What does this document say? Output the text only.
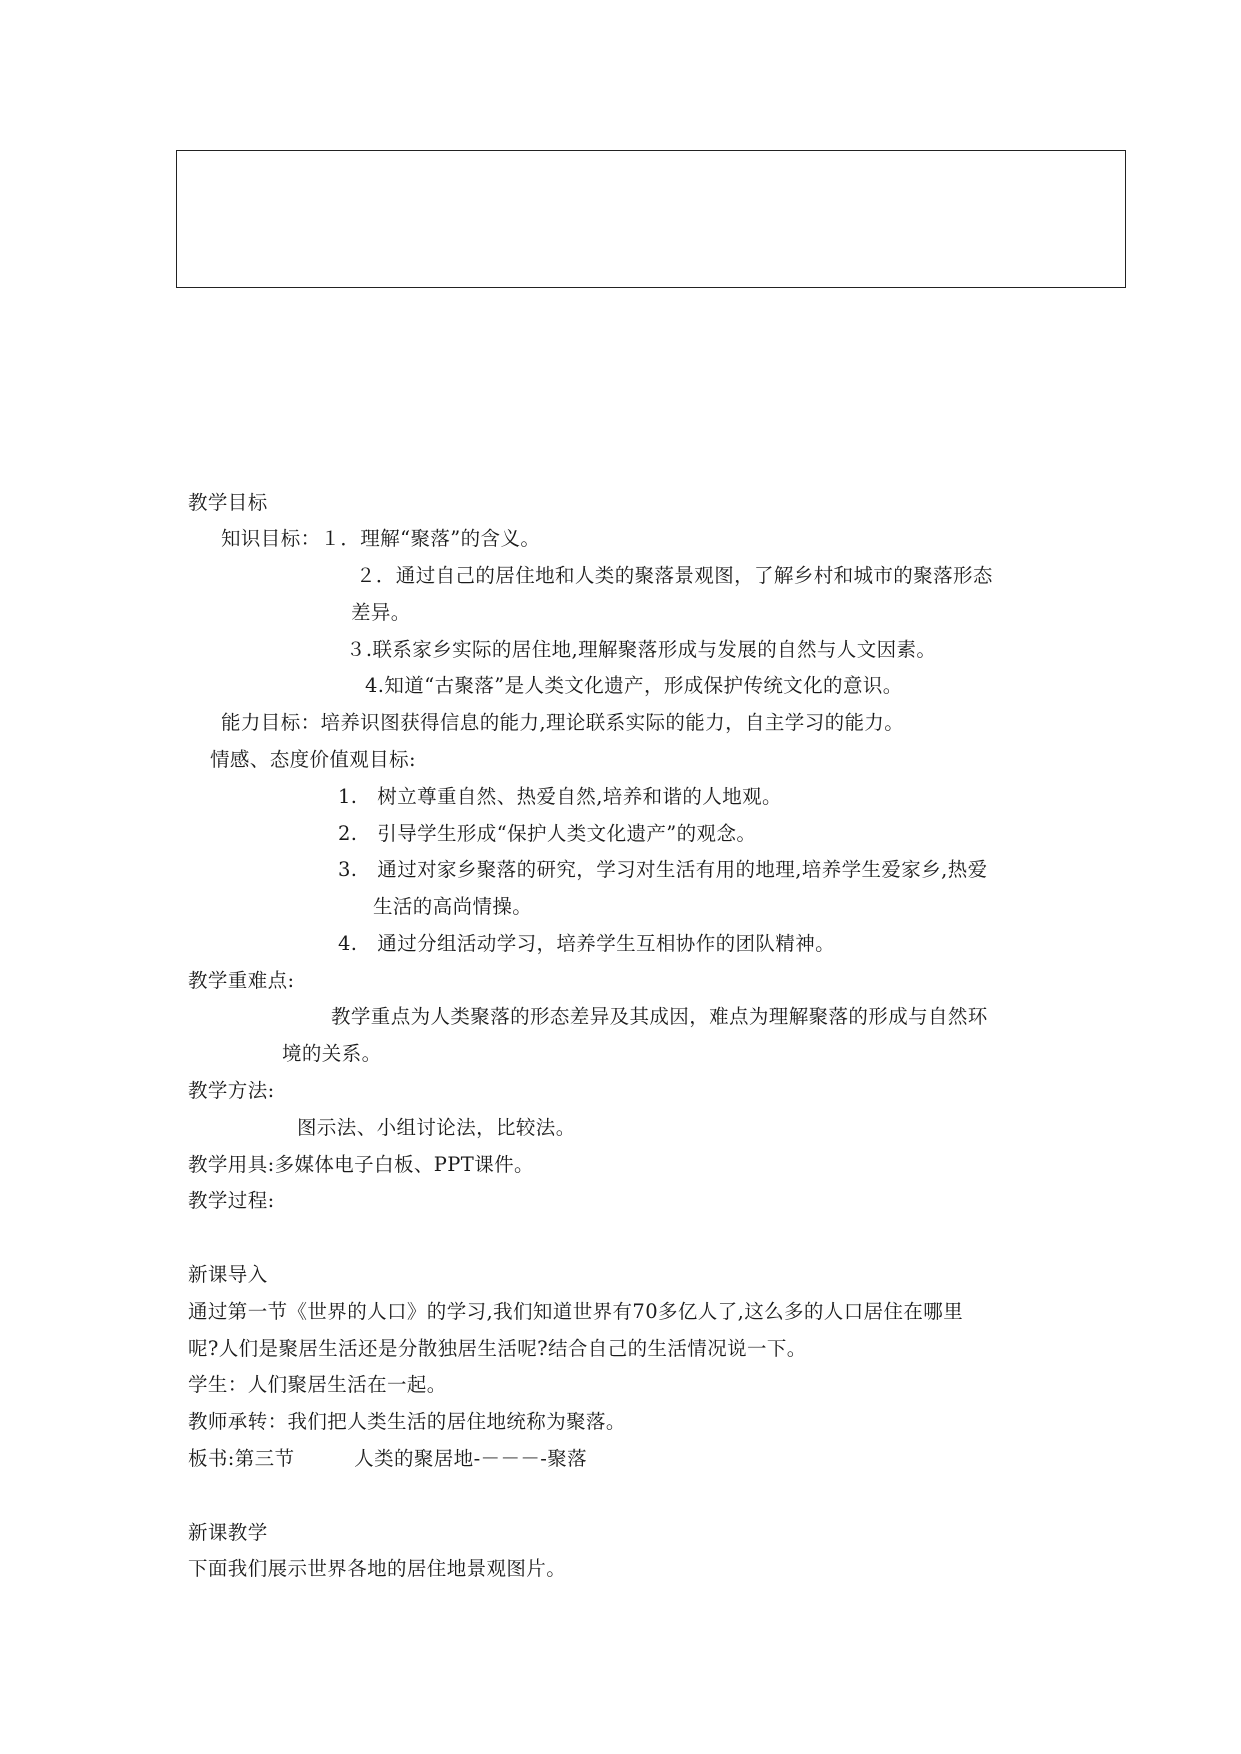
教学目标
知识目标：１．理解“聚落”的含义。
２．通过自己的居住地和人类的聚落景观图，了解乡村和城市的聚落形态
差异。
３.联系家乡实际的居住地,理解聚落形成与发展的自然与人文因素。
4.知道“古聚落”是人类文化遗产，形成保护传统文化的意识。
能力目标：培养识图获得信息的能力,理论联系实际的能力，自主学习的能力。
情感、态度价值观目标:
1.　树立尊重自然、热爱自然,培养和谐的人地观。
2.　引导学生形成“保护人类文化遗产”的观念。
3.　通过对家乡聚落的研究，学习对生活有用的地理,培养学生爱家乡,热爱
生活的高尚情操。
4.　通过分组活动学习，培养学生互相协作的团队精神。
教学重难点:
教学重点为人类聚落的形态差异及其成因，难点为理解聚落的形成与自然环
境的关系。
教学方法:
图示法、小组讨论法，比较法。
教学用具:多媒体电子白板、PPT课件。
教学过程:
新课导入
通过第一节《世界的人口》的学习,我们知道世界有70多亿人了,这么多的人口居住在哪里
呢?人们是聚居生活还是分散独居生活呢?结合自己的生活情况说一下。
学生：人们聚居生活在一起。
教师承转：我们把人类生活的居住地统称为聚落。
板书:第三节　　　人类的聚居地-－－－-聚落
新课教学
下面我们展示世界各地的居住地景观图片。
